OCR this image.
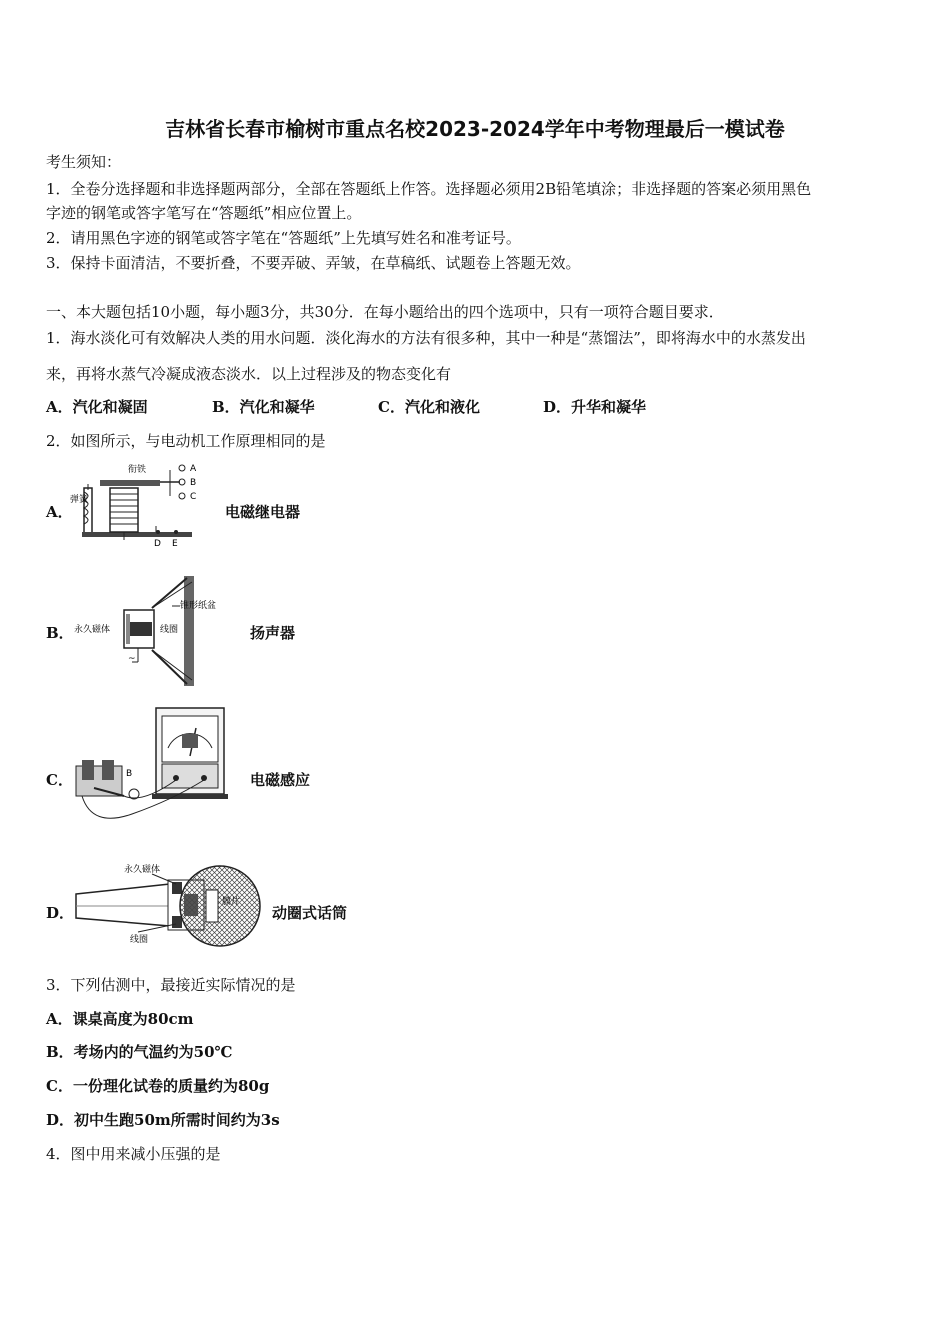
吉林省长春市榆树市重点名校2023-2024学年中考物理最后一模试卷
考生须知：
1．全卷分选择题和非选择题两部分，全部在答题纸上作答。选择题必须用2B铅笔填涂；非选择题的答案必须用黑色
字迹的钢笔或答字笔写在“答题纸”相应位置上。
2．请用黑色字迹的钢笔或答字笔在“答题纸”上先填写姓名和准考证号。
3．保持卡面清洁，不要折叠，不要弄破、弄皱，在草稿纸、试题卷上答题无效。
一、本大题包括10小题，每小题3分，共30分．在每小题给出的四个选项中，只有一项符合题目要求．
1．海水淡化可有效解决人类的用水问题．淡化海水的方法有很多种，其中一种是“蒸馏法”，即将海水中的水蒸发出
来，再将水蒸气冷凝成液态淡水．以上过程涉及的物态变化有
A．汽化和凝固	B．汽化和凝华	C．汽化和液化	D．升华和凝华
2．如图所示，与电动机工作原理相同的是
A．
衔铁
弹簧
A
B
C
D E
电磁继电器
B．
~
锥形纸盆
永久磁体	线圈	扬声器
C．	B	电磁感应
D．
永久磁体
线圈
膜片
动圈式话筒
3．下列估测中，最接近实际情况的是
A．课桌高度为80cm
B．考场内的气温约为50℃
C．一份理化试卷的质量约为80g
D．初中生跑50m所需时间约为3s
4．图中用来减小压强的是
